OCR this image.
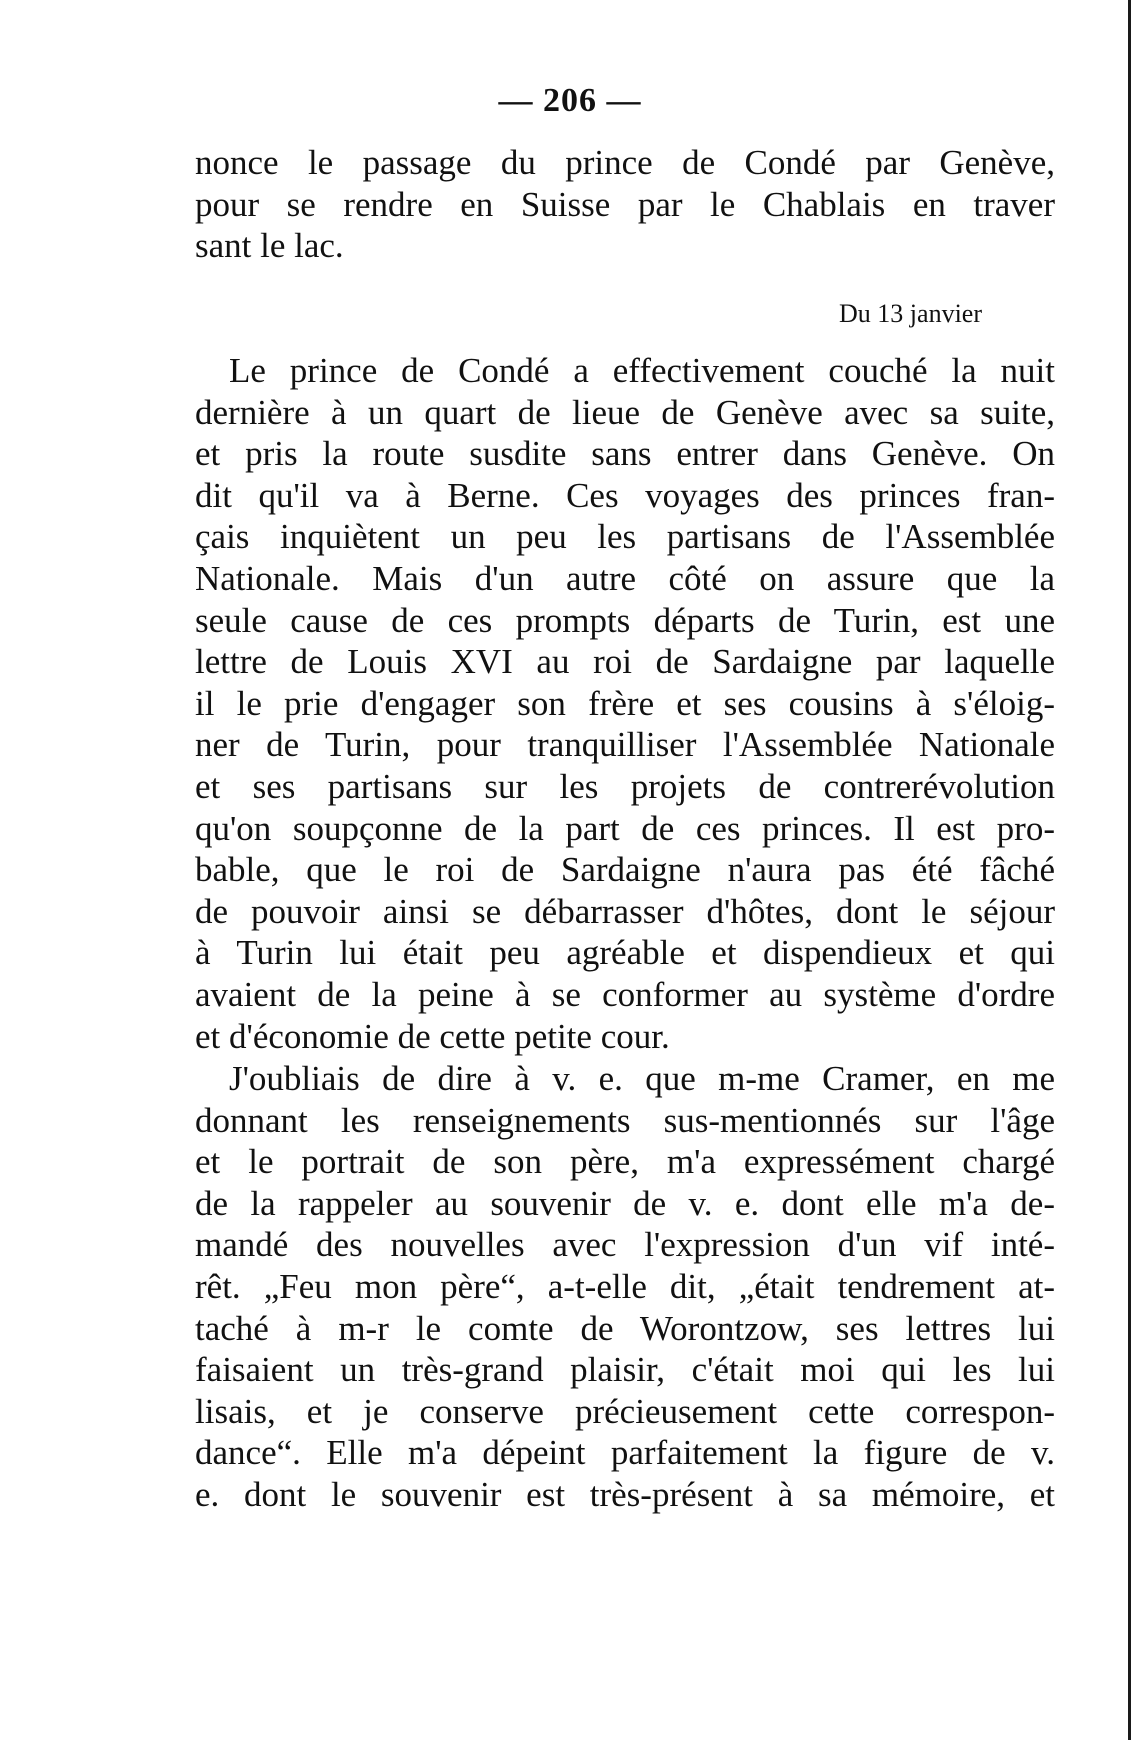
— 206 —
nonce le passage du prince de Condé par Genève,
pour se rendre en Suisse par le Chablais en traver
sant le lac.
Du 13 janvier
Le prince de Condé a effectivement couché la nuit
dernière à un quart de lieue de Genève avec sa suite,
et pris la route susdite sans entrer dans Genève. On
dit qu'il va à Berne. Ces voyages des princes fran-
çais inquiètent un peu les partisans de l'Assemblée
Nationale. Mais d'un autre côté on assure que la
seule cause de ces prompts départs de Turin, est une
lettre de Louis XVI au roi de Sardaigne par laquelle
il le prie d'engager son frère et ses cousins à s'éloig-
ner de Turin, pour tranquilliser l'Assemblée Nationale
et ses partisans sur les projets de contrerévolution
qu'on soupçonne de la part de ces princes. Il est pro-
bable, que le roi de Sardaigne n'aura pas été fâché
de pouvoir ainsi se débarrasser d'hôtes, dont le séjour
à Turin lui était peu agréable et dispendieux et qui
avaient de la peine à se conformer au système d'ordre
et d'économie de cette petite cour.
J'oubliais de dire à v. e. que m-me Cramer, en me
donnant les renseignements sus-mentionnés sur l'âge
et le portrait de son père, m'a expressément chargé
de la rappeler au souvenir de v. e. dont elle m'a de-
mandé des nouvelles avec l'expression d'un vif inté-
rêt. „Feu mon père“, a-t-elle dit, „était tendrement at-
taché à m-r le comte de Worontzow, ses lettres lui
faisaient un très-grand plaisir, c'était moi qui les lui
lisais, et je conserve précieusement cette correspon-
dance“. Elle m'a dépeint parfaitement la figure de v.
e. dont le souvenir est très-présent à sa mémoire, et
